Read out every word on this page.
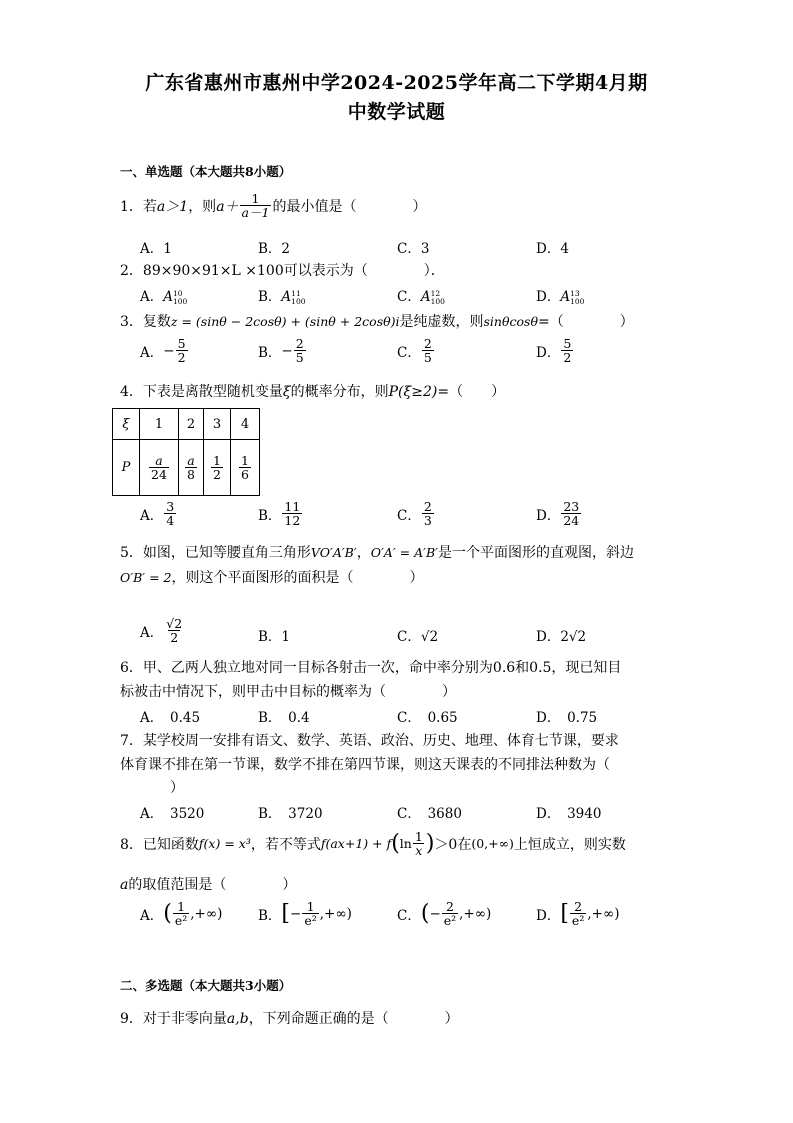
广东省惠州市惠州中学2024-2025学年高二下学期4月期
中数学试题
一、单选题（本大题共8小题）
1．若 a＞1 ，则 $a+ \frac{1}{a-1}$ 的最小值是（　　　　）
A．1	B．2	C．3	D．4
2．89×90×91×L ×100可以表示为（　　　　）．
A．A 10
100	B．A 11
100	C．A 12
100	D．A 13
100
3．复数z = (sinθ − 2cosθ) + (sinθ + 2cosθ)i是纯虚数，则sinθcosθ=（　　　　）
A． − $\frac{5}{2}$	B． − $\frac{2}{5}$	C． $\frac{2}{5}$	D． $\frac{5}{2}$
4．下表是离散型随机变量ξ的概率分布，则P(ξ≥2)=（　　）
ξ	1	2	3	4
P	$\frac{a}{24}$	$\frac{a}{8}$	$\frac{1}{2}$	$\frac{1}{6}$
A． $\frac{3}{4}$	B． $\frac{11}{12}$	C． $\frac{2}{3}$	D． $\frac{23}{24}$
5．如图，已知等腰直角三角形VO′A′B′，O′A′ = A′B′是一个平面图形的直观图，斜边
O′B′ = 2，则这个平面图形的面积是（　　　　）
A． $\frac{√2}{2}$	B．1	C．√2	D．2√2
6．甲、乙两人独立地对同一目标各射击一次，命中率分别为0.6和0.5，现已知目
标被击中情况下，则甲击中目标的概率为（　　　　）
A．　0.45	B．　0.4	C．　0.65	D．　0.75
7．某学校周一安排有语文、数学、英语、政治、历史、地理、体育七节课，要求
体育课不排在第一节课，数学不排在第四节课，则这天课表的不同排法种数为（
）
A．　3520	B．　3720	C．　3680	D．　3940
8．已知函数 f(x) = x³ ，若不等式 f(ax+1) + f ( $\ln \frac{1}{x}$ ) ＞0 在 (0,+∞) 上恒成立，则实数
a的取值范围是（　　　　）
A． ( $\frac{1}{\text{e²}}$ ,+∞)	B． [ − $\frac{1}{\text{e²}}$ ,+∞)	C． ( − $\frac{2}{\text{e²}}$ ,+∞)	D． [ $\frac{2}{\text{e²}}$ ,+∞)
二、多选题（本大题共3小题）
9．对于非零向量a,b，下列命题正确的是（　　　　）
